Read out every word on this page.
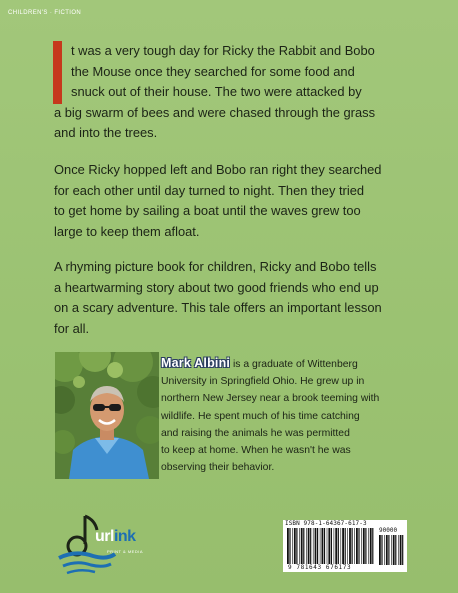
CHILDREN'S · FICTION
t was a very tough day for Ricky the Rabbit and Bobo
the Mouse once they searched for some food and
snuck out of their house. The two were attacked by
a big swarm of bees and were chased through the grass
and into the trees.
Once Ricky hopped left and Bobo ran right they searched
for each other until day turned to night. Then they tried
to get home by sailing a boat until the waves grew too
large to keep them afloat.
A rhyming picture book for children, Ricky and Bobo tells
a heartwarming story about two good friends who end up
on a scary adventure. This tale offers an important lesson
for all.
Mark Albini is a graduate of Wittenberg
University in Springfield Ohio. He grew up in
northern New Jersey near a brook teeming with
wildlife. He spent much of his time catching
and raising the animals he was permitted
to keep at home. When he wasn't he was
observing their behavior.
urlink
PRINT & MEDIA
ISBN 978-1-64367-617-3
90000
9 781643 676173
